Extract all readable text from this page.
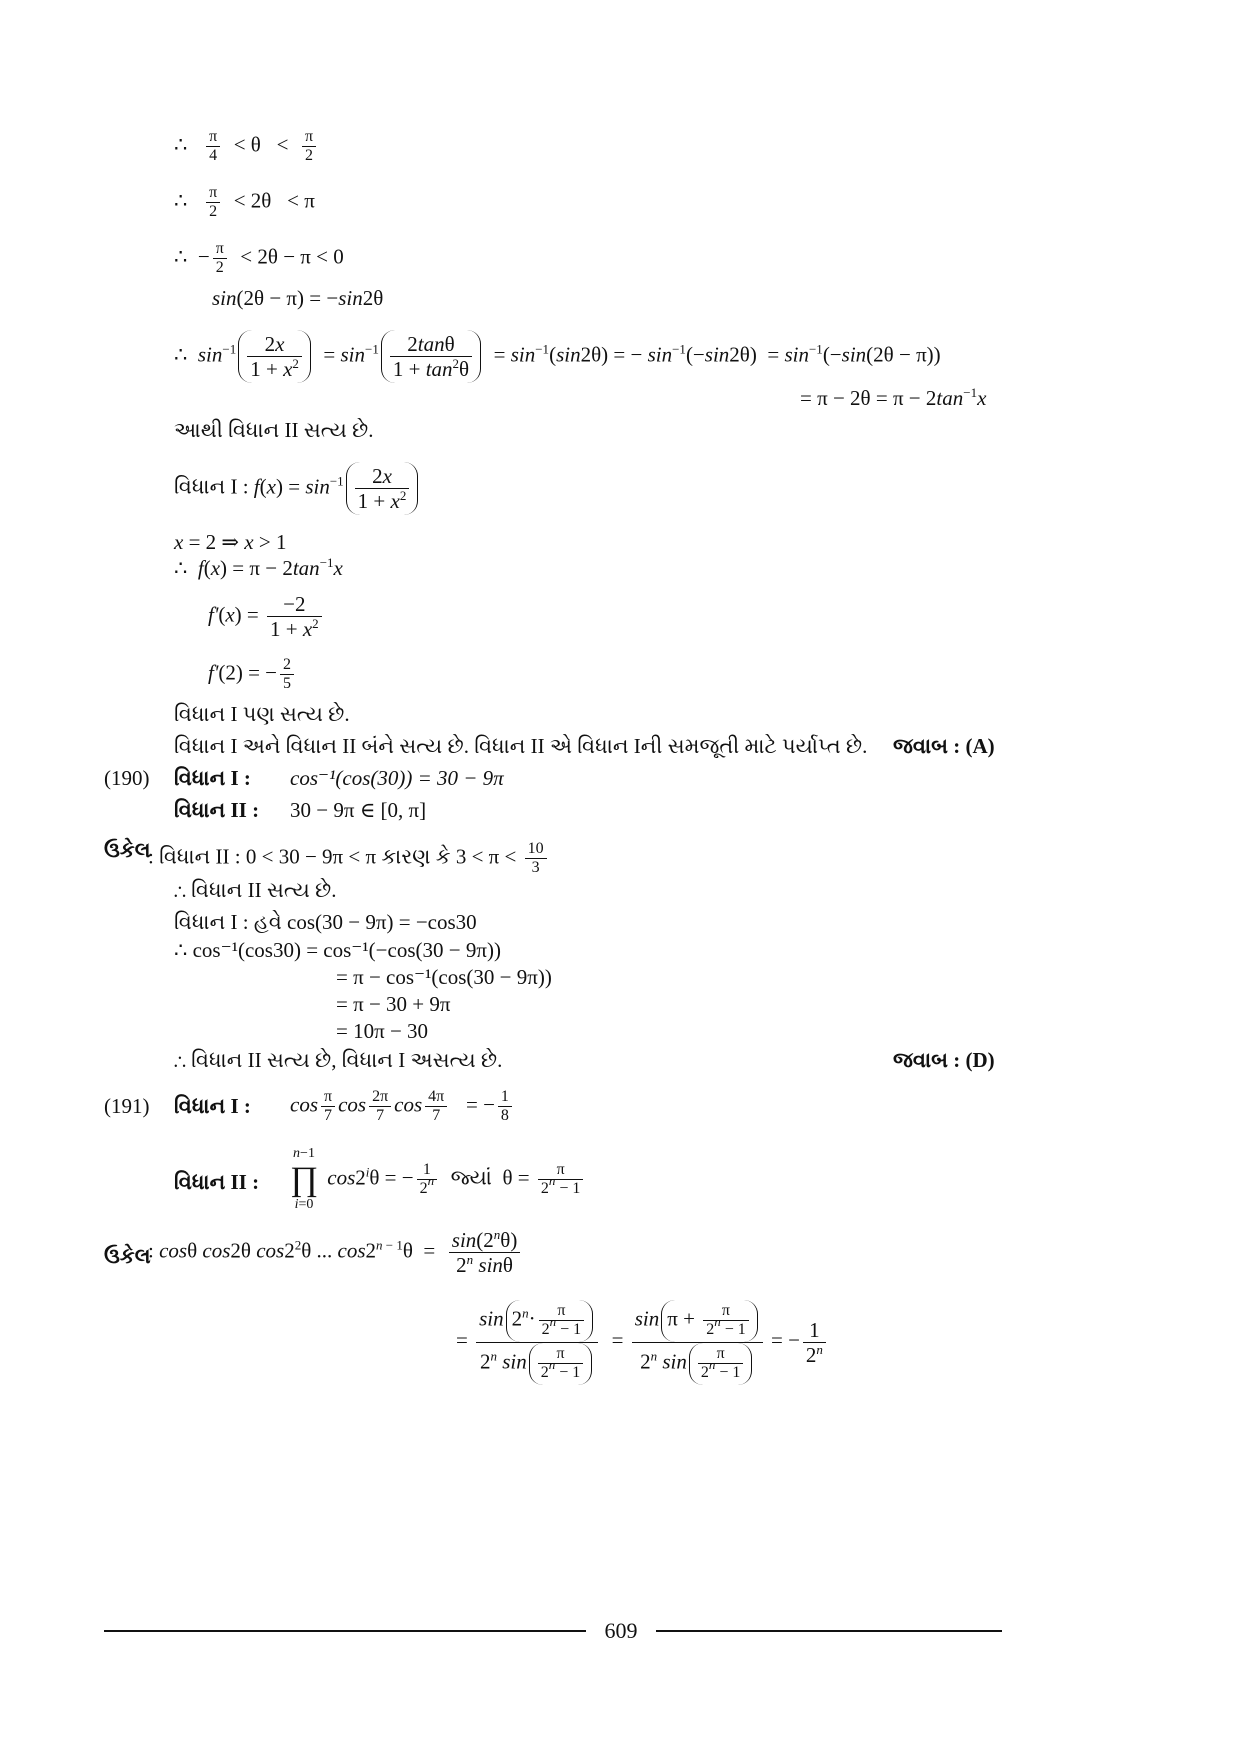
∴ $\frac{\pi}{4} < \theta < \frac{\pi}{2}$
∴ $\frac{\pi}{2} < 2\theta < \pi$
∴  − $\frac{\pi}{2} < 2\theta - \pi < 0$
sin(2θ − π) = −sin2θ
∴  $\sin^{-1} \frac{2x}{1 + x^2} = \sin^{-1} \frac{2\tan\theta}{1 + \tan^2\theta} = \sin^{-1}(\sin 2\theta)$ = − $\sin^{-1}(-\sin 2\theta) = \sin^{-1}(-\sin(2\theta - \pi))$
= $\pi - 2\theta = \pi - 2\tan^{-1}x$
આથી વિધાન II સત્ય છે.
વિધાન I : $f(x) = \sin^{-1} \frac{2x}{1 + x^2}$
x = 2 ⇒ x > 1
∴  $f(x) = \pi - 2\tan^{-1}x$
$f'(x) = \frac{-2}{1 + x^2}$
f'(2) = − $\frac{2}{5}$
વિધાન I પણ સત્ય છે.
વિધાન I અને વિધાન II બંને સત્ય છે. વિધાન II એ વિધાન Iની સમજૂતી માટે પર્યાપ્ત છે. જવાબ : (A)
(190) વિધાન I : cos⁻¹(cos(30)) = 30 − 9π
વિધાન II : 30 − 9π ∈ [0, π]
ઉકેલ
: વિધાન II : 0 < 30 − 9π < π કારણ કે $3 < \pi < \frac{10}{3}$
∴ વિધાન II સત્ય છે.
વિધાન I : હવે cos(30 − 9π) = −cos30
∴ cos⁻¹(cos30) = cos⁻¹(−cos(30 − 9π))
= π − cos⁻¹(cos(30 − 9π))
= π − 30 + 9π
= 10π − 30
∴ વિધાન II સત્ય છે, વિધાન I અસત્ય છે.	જવાબ : (D)
(191) વિધાન I : $\cos \frac{\pi}{7}$ $\cos \frac{2\pi}{7}$ $\cos \frac{4\pi}{7}$ = − $\frac{1}{8}$
વિધાન II :
n−1
∏
i=0 $\cos 2^i\theta$ = − $\frac{1}{2^n}$ જ્યાં  $\theta = \frac{\pi}{2^n - 1}$
ઉકેલ
: cosθ cos2θ $\cos 2^2\theta$ ... $\cos 2^{n - 1}\theta = \frac{\sin(2^n\theta)}{2^n \sin\theta}$
= $\frac{\sin 2^n\cdot \frac{\pi}{2^n - 1}}{2^n \sin \frac{\pi}{2^n - 1}} = \frac{\sin \pi + \frac{\pi}{2^n - 1}}{2^n \sin \frac{\pi}{2^n - 1}}$ = − $\frac{1}{2^n}$
609
